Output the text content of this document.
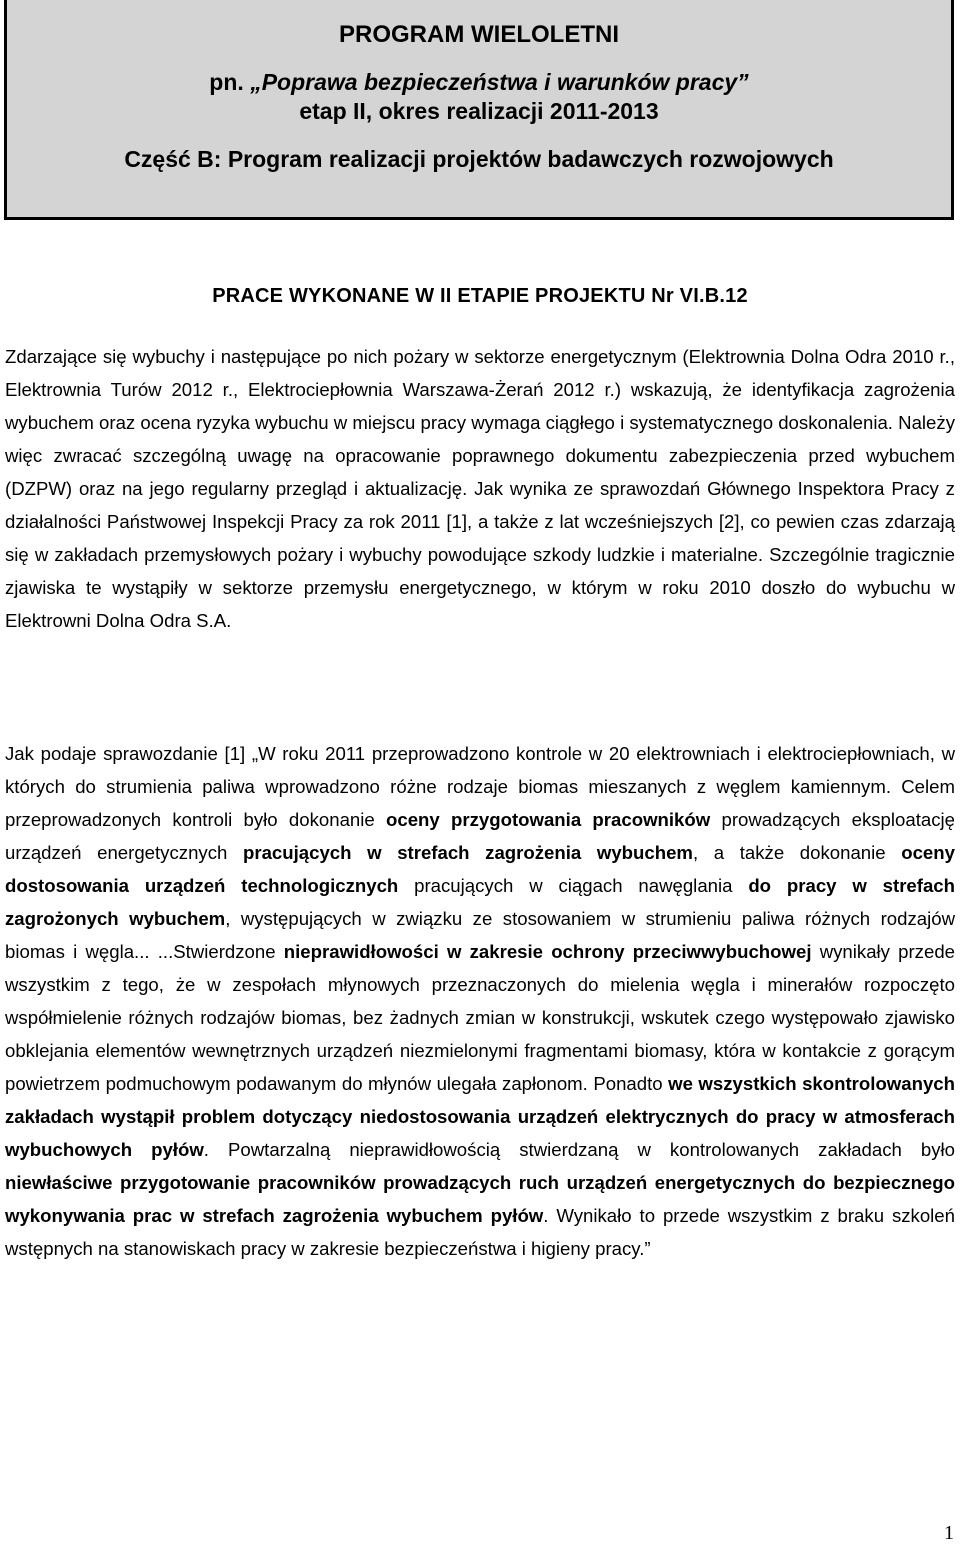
PROGRAM WIELOLETNI
pn. „Poprawa bezpieczeństwa i warunków pracy”
etap II, okres realizacji 2011-2013
Część B: Program realizacji projektów badawczych rozwojowych
PRACE WYKONANE W II ETAPIE PROJEKTU Nr VI.B.12
Zdarzające się wybuchy i następujące po nich pożary w sektorze energetycznym (Elektrownia Dolna Odra 2010 r., Elektrownia Turów 2012 r., Elektrociepłownia Warszawa-Żerań 2012 r.) wskazują, że identyfikacja zagrożenia wybuchem oraz ocena ryzyka wybuchu w miejscu pracy wymaga ciągłego i systematycznego doskonalenia. Należy więc zwracać szczególną uwagę na opracowanie poprawnego dokumentu zabezpieczenia przed wybuchem (DZPW) oraz na jego regularny przegląd i aktualizację. Jak wynika ze sprawozdań Głównego Inspektora Pracy z działalności Państwowej Inspekcji Pracy za rok 2011 [1], a także z lat wcześniejszych [2], co pewien czas zdarzają się w zakładach przemysłowych pożary i wybuchy powodujące szkody ludzkie i materialne. Szczególnie tragicznie zjawiska te wystąpiły w sektorze przemysłu energetycznego, w którym w roku 2010 doszło do wybuchu w Elektrowni Dolna Odra S.A.
Jak podaje sprawozdanie [1] „W roku 2011 przeprowadzono kontrole w 20 elektrowniach i elektrociepłowniach, w których do strumienia paliwa wprowadzono różne rodzaje biomas mieszanych z węglem kamiennym. Celem przeprowadzonych kontroli było dokonanie oceny przygotowania pracowników prowadzących eksploatację urządzeń energetycznych pracujących w strefach zagrożenia wybuchem, a także dokonanie oceny dostosowania urządzeń technologicznych pracujących w ciągach nawęglania do pracy w strefach zagrożonych wybuchem, występujących w związku ze stosowaniem w strumieniu paliwa różnych rodzajów biomas i węgla... ...Stwierdzone nieprawidłowości w zakresie ochrony przeciwwybuchowej wynikały przede wszystkim z tego, że w zespołach młynowych przeznaczonych do mielenia węgla i minerałów rozpoczęto współmielenie różnych rodzajów biomas, bez żadnych zmian w konstrukcji, wskutek czego występowało zjawisko obklejania elementów wewnętrznych urządzeń niezmielonymi fragmentami biomasy, która w kontakcie z gorącym powietrzem podmuchowym podawanym do młynów ulegała zapłonom. Ponadto we wszystkich skontrolowanych zakładach wystąpił problem dotyczący niedostosowania urządzeń elektrycznych do pracy w atmosferach wybuchowych pyłów. Powtarzalną nieprawidłowością stwierdzaną w kontrolowanych zakładach było niewłaściwe przygotowanie pracowników prowadzących ruch urządzeń energetycznych do bezpiecznego wykonywania prac w strefach zagrożenia wybuchem pyłów. Wynikało to przede wszystkim z braku szkoleń wstępnych na stanowiskach pracy w zakresie bezpieczeństwa i higieny pracy.”
1
